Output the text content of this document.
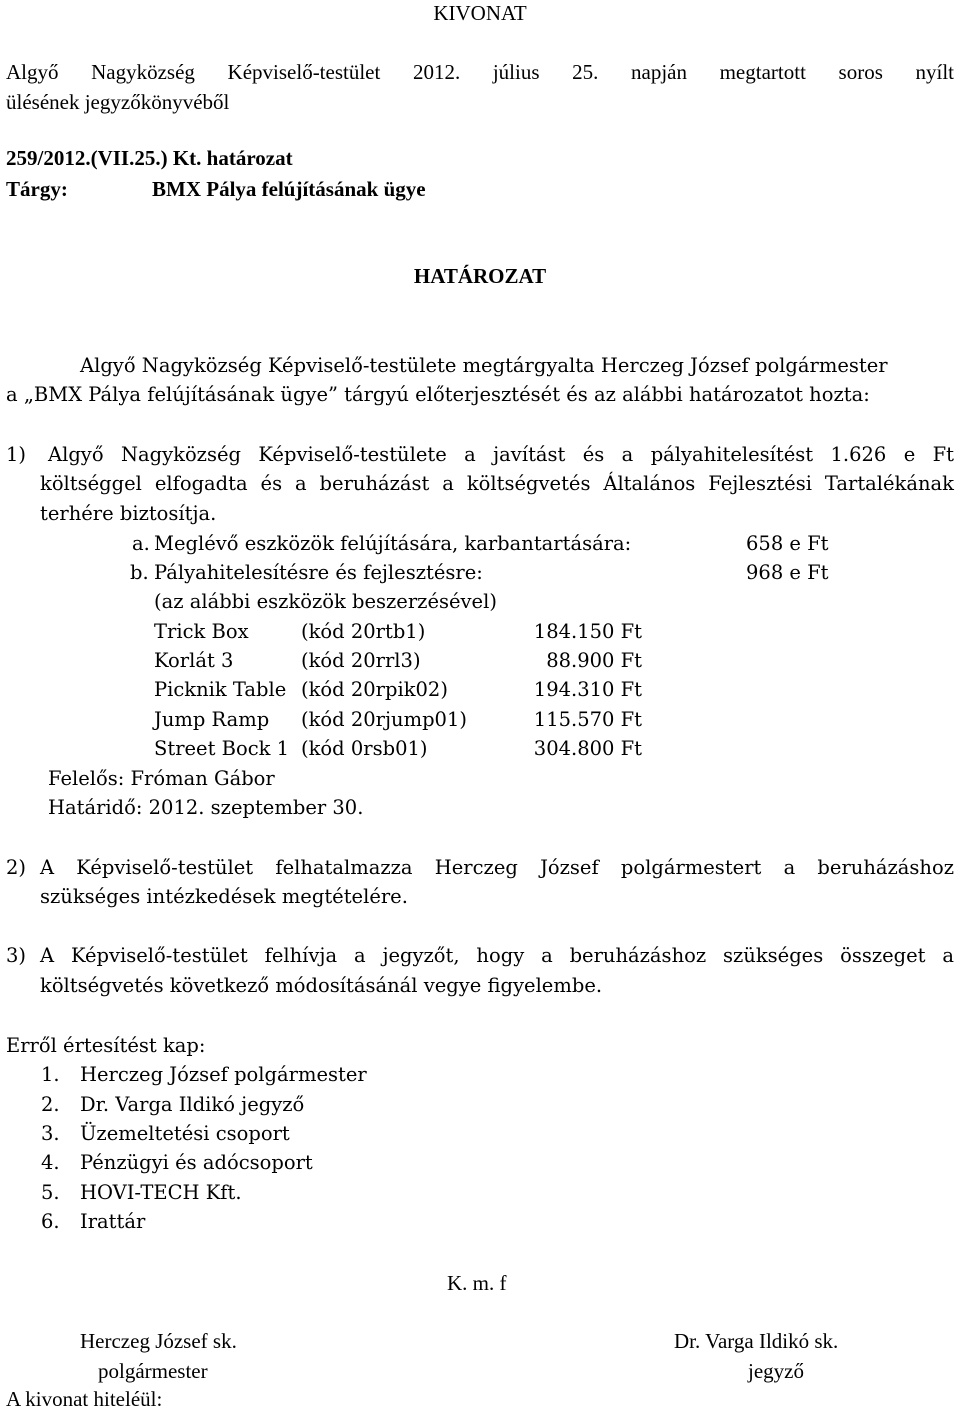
KIVONAT
Algyő Nagyközség Képviselő-testület 2012. július 25. napján megtartott soros nyílt
ülésének jegyzőkönyvéből
259/2012.(VII.25.) Kt. határozat
Tárgy:	BMX Pálya felújításának ügye
HATÁROZAT
Algyő Nagyközség Képviselő-testülete megtárgyalta Herczeg József polgármester
a „BMX Pálya felújításának ügye” tárgyú előterjesztését és az alábbi határozatot hozta:
1) Algyő Nagyközség Képviselő-testülete a javítást és a pályahitelesítést 1.626 e Ft
költséggel elfogadta és a beruházást a költségvetés Általános Fejlesztési Tartalékának
terhére biztosítja.
a. Meglévő eszközök felújítására, karbantartására:	658 e Ft
b. Pályahitelesítésre és fejlesztésre:	968 e Ft
(az alábbi eszközök beszerzésével)
Trick Box	(kód 20rtb1)	184.150 Ft
Korlát 3	(kód 20rrl3)	88.900 Ft
Picknik Table (kód 20rpik02)	194.310 Ft
Jump Ramp (kód 20rjump01)	115.570 Ft
Street Bock 1 (kód 0rsb01)	304.800 Ft
Felelős: Fróman Gábor
Határidő: 2012. szeptember 30.
2) A Képviselő-testület felhatalmazza Herczeg József polgármestert a beruházáshoz
szükséges intézkedések megtételére.
3) A Képviselő-testület felhívja a jegyzőt, hogy a beruházáshoz szükséges összeget a
költségvetés következő módosításánál vegye figyelembe.
Erről értesítést kap:
1. Herczeg József polgármester
2. Dr. Varga Ildikó jegyző
3. Üzemeltetési csoport
4. Pénzügyi és adócsoport
5. HOVI-TECH Kft.
6. Irattár
K. m. f
Herczeg József sk.
polgármester
Dr. Varga Ildikó sk.
jegyző
A kivonat hiteléül:
